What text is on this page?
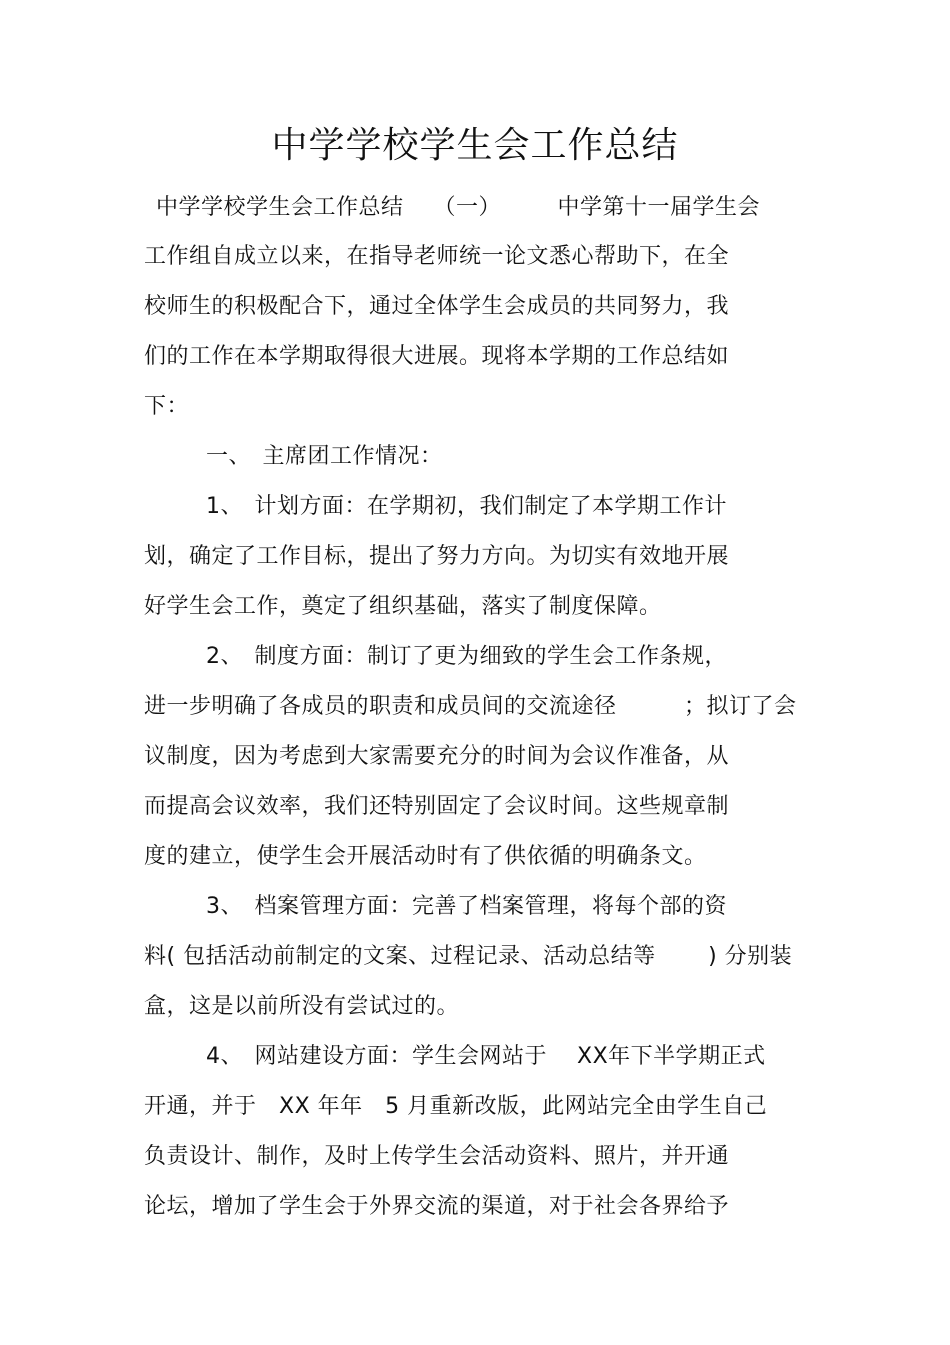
中学学校学生会工作总结
中学学校学生会工作总结　 （一）　　　中学第十一届学生会
工作组自成立以来，在指导老师统一论文悉心帮助下，在全
校师生的积极配合下，通过全体学生会成员的共同努力，我
们的工作在本学期取得很大进展。现将本学期的工作总结如
下：
一、　主席团工作情况：
1、　计划方面：在学期初，我们制定了本学期工作计
划，确定了工作目标，提出了努力方向。为切实有效地开展
好学生会工作，奠定了组织基础，落实了制度保障。
2、　制度方面：制订了更为细致的学生会工作条规，
进一步明确了各成员的职责和成员间的交流途径　　　；拟订了会
议制度，因为考虑到大家需要充分的时间为会议作准备，从
而提高会议效率，我们还特别固定了会议时间。这些规章制
度的建立，使学生会开展活动时有了供依循的明确条文。
3、　档案管理方面：完善了档案管理，将每个部的资
料( 包括活动前制定的文案、过程记录、活动总结等　　 ) 分别装
盒，这是以前所没有尝试过的。
4、　网站建设方面：学生会网站于　 XX年下半学期正式
开通，并于　XX 年年　5 月重新改版，此网站完全由学生自己
负责设计、制作，及时上传学生会活动资料、照片，并开通
论坛，增加了学生会于外界交流的渠道，对于社会各界给予
